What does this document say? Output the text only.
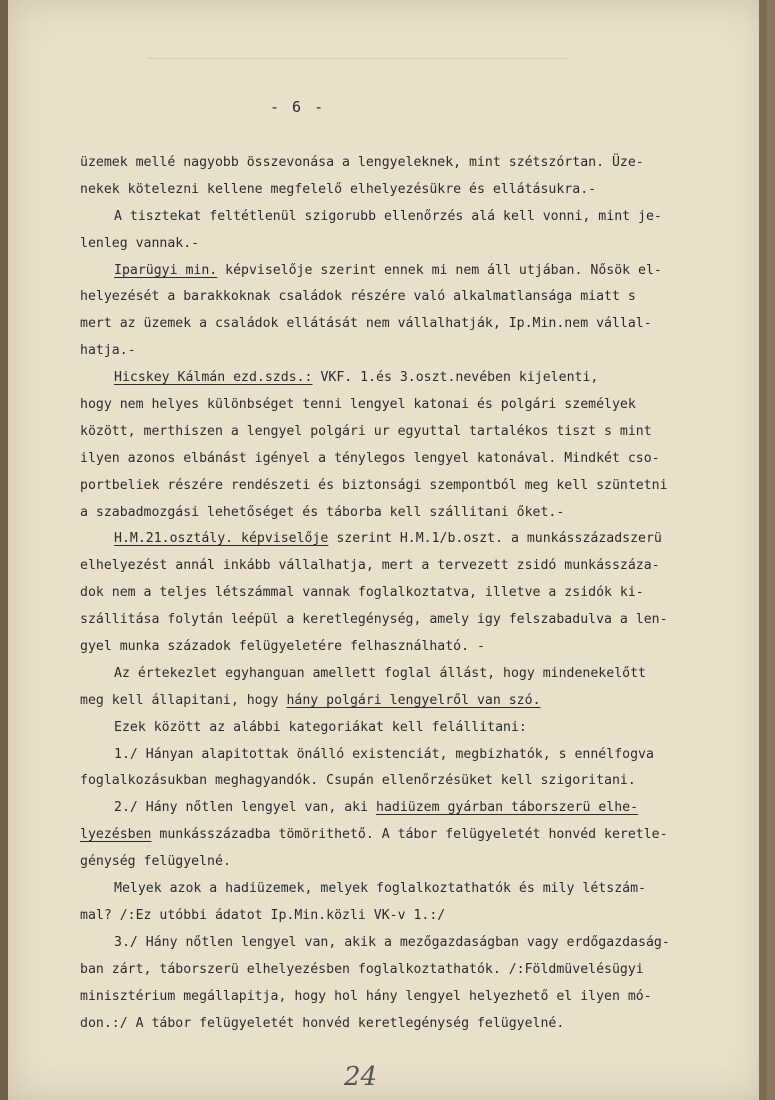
- 6 -
üzemek mellé nagyobb összevonása a lengyeleknek, mint szétszórtan. Üze-
nekek kötelezni kellene megfelelő elhelyezésükre és ellátásukra.-
A tisztekat feltétlenül szigorubb ellenőrzés alá kell vonni, mint je-
lenleg vannak.-
Iparügyi min. képviselője szerint ennek mi nem áll utjában. Nősök el-
helyezését a barakkoknak családok részére való alkalmatlansága miatt s
mert az üzemek a családok ellátását nem vállalhatják, Ip.Min.nem vállal-
hatja.-
Hicskey Kálmán ezd.szds.: VKF. 1.és 3.oszt.nevében kijelenti,
hogy nem helyes különbséget tenni lengyel katonai és polgári személyek
között, merthiszen a lengyel polgári ur egyuttal tartalékos tiszt s mint
ilyen azonos elbánást igényel a ténylegos lengyel katonával. Mindkét cso-
portbeliek részére rendészeti és biztonsági szempontból meg kell szüntetni
a szabadmozgási lehetőséget és táborba kell szállitani őket.-
H.M.21.osztály. képviselője szerint H.M.1/b.oszt. a munkásszázadszerü
elhelyezést annál inkább vállalhatja, mert a tervezett zsidó munkásszáza-
dok nem a teljes létszámmal vannak foglalkoztatva, illetve a zsidók ki-
szállitása folytán leépül a keretlegénység, amely igy felszabadulva a len-
gyel munka századok felügyeletére felhasználható. -
Az értekezlet egyhanguan amellett foglal állást, hogy mindenekelőtt
meg kell állapitani, hogy hány polgári lengyelről van szó.
Ezek között az alábbi kategoriákat kell felállitani:
1./ Hányan alapitottak önálló existenciát, megbizhatók, s ennélfogva
foglalkozásukban meghagyandók. Csupán ellenőrzésüket kell szigoritani.
2./ Hány nőtlen lengyel van, aki hadiüzem gyárban táborszerü elhe-
lyezésben munkásszázadba tömörithető. A tábor felügyeletét honvéd keretle-
génység felügyelné.
Melyek azok a hadiüzemek, melyek foglalkoztathatók és mily létszám-
mal? /:Ez utóbbi ádatot Ip.Min.közli VK-v 1.:/
3./ Hány nőtlen lengyel van, akik a mezőgazdaságban vagy erdőgazdaság-
ban zárt, táborszerü elhelyezésben foglalkoztathatók. /:Földmüvelésügyi
minisztérium megállapitja, hogy hol hány lengyel helyezhető el ilyen mó-
don.:/ A tábor felügyeletét honvéd keretlegénység felügyelné.
24
